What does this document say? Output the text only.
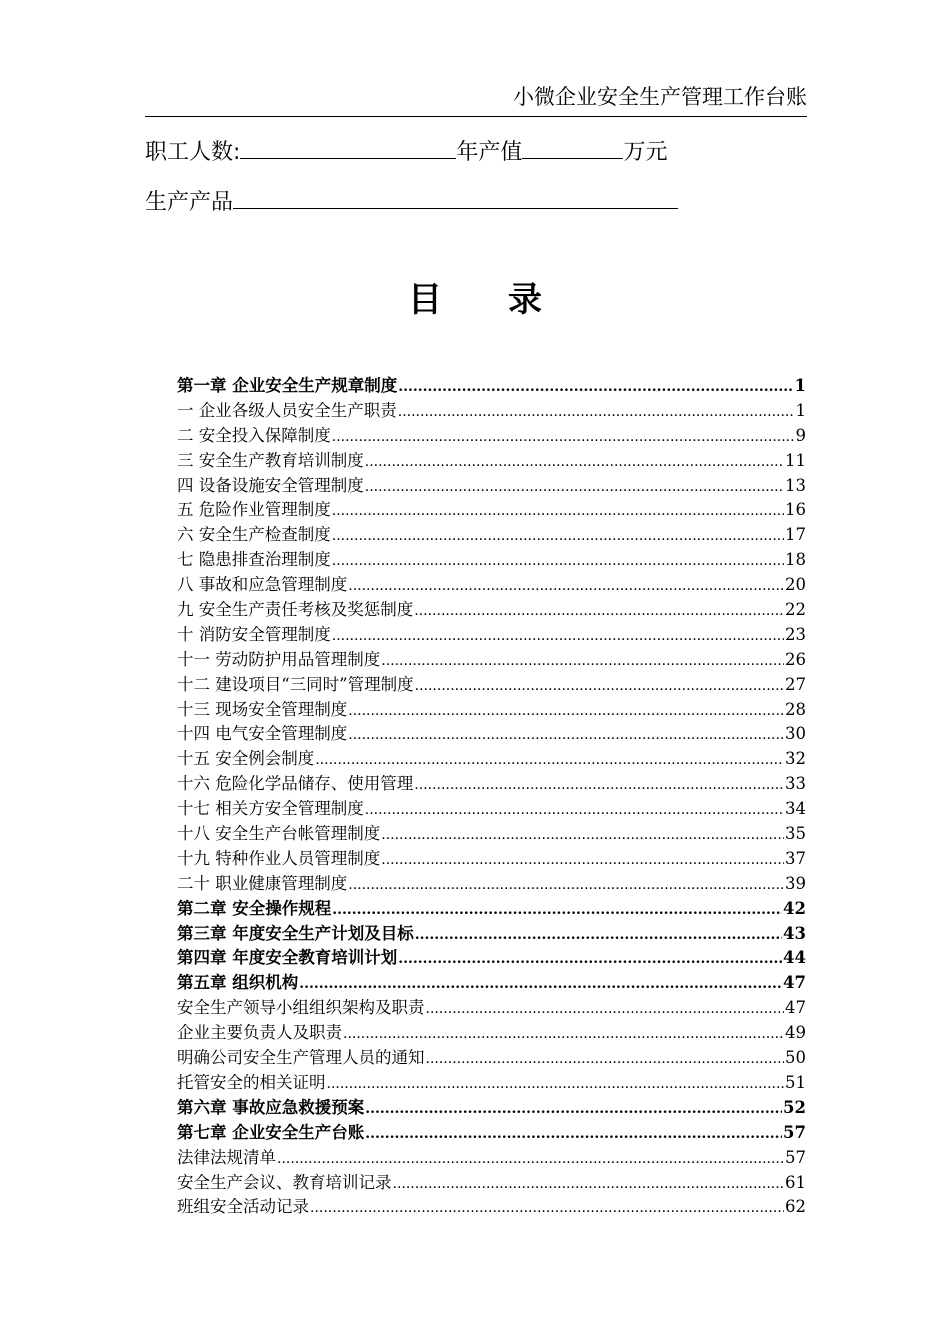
小微企业安全生产管理工作台账
职工人数:	年产值	万元
生产产品
目 录
第一章 企业安全生产规章制度 .....	1
一 企业各级人员安全生产职责 .....	1
二 安全投入保障制度 .....	9
三 安全生产教育培训制度 .....	11
四 设备设施安全管理制度 .....	13
五 危险作业管理制度 .....	16
六 安全生产检查制度 .....	17
七 隐患排查治理制度 .....	18
八 事故和应急管理制度 .....	20
九 安全生产责任考核及奖惩制度 .....	22
十 消防安全管理制度 .....	23
十一 劳动防护用品管理制度 .....	26
十二 建设项目“三同时”管理制度 .....	27
十三 现场安全管理制度 .....	28
十四 电气安全管理制度 .....	30
十五 安全例会制度 .....	32
十六 危险化学品储存、使用管理 .....	33
十七 相关方安全管理制度 .....	34
十八 安全生产台帐管理制度 .....	35
十九 特种作业人员管理制度 .....	37
二十 职业健康管理制度 .....	39
第二章 安全操作规程 .....	42
第三章 年度安全生产计划及目标 .....	43
第四章 年度安全教育培训计划 .....	44
第五章 组织机构 .....	47
安全生产领导小组组织架构及职责 .....	47
企业主要负责人及职责 .....	49
明确公司安全生产管理人员的通知 .....	50
托管安全的相关证明 .....	51
第六章 事故应急救援预案 .....	52
第七章 企业安全生产台账 .....	57
法律法规清单 .....	57
安全生产会议、教育培训记录 .....	61
班组安全活动记录 .....	62
